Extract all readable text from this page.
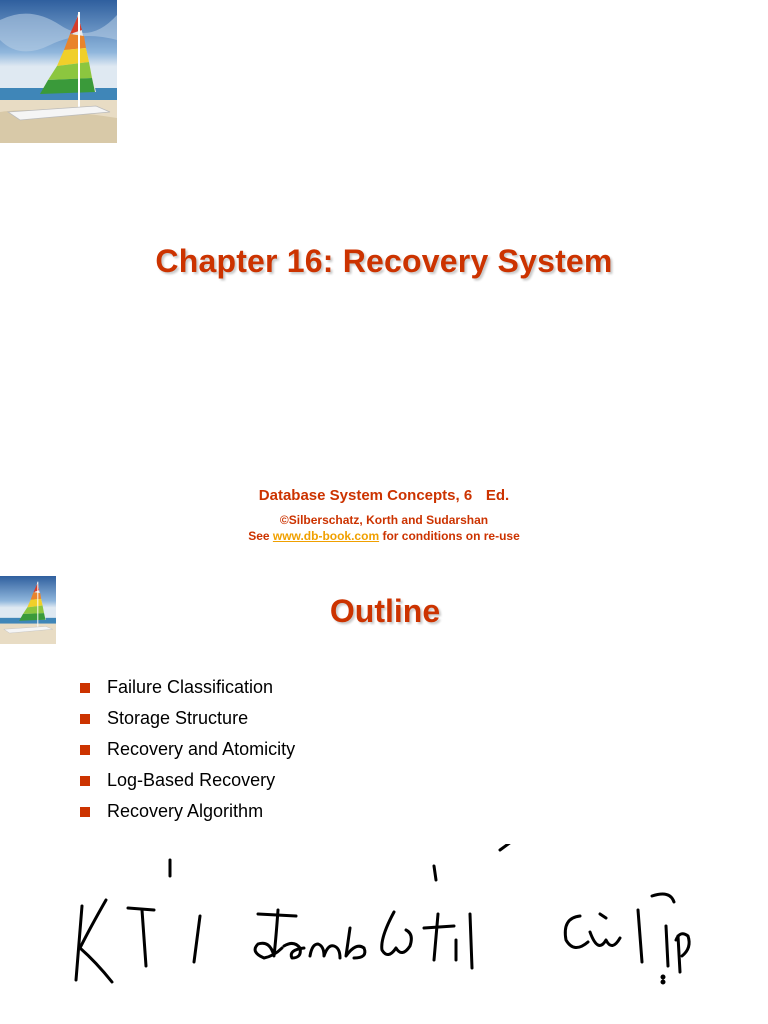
Chapter 16: Recovery System
Database System Concepts, 6th Ed.
©Silberschatz, Korth and Sudarshan
See www.db-book.com for conditions on re-use
Outline
Failure Classification
Storage Structure
Recovery and Atomicity
Log-Based Recovery
Recovery Algorithm
